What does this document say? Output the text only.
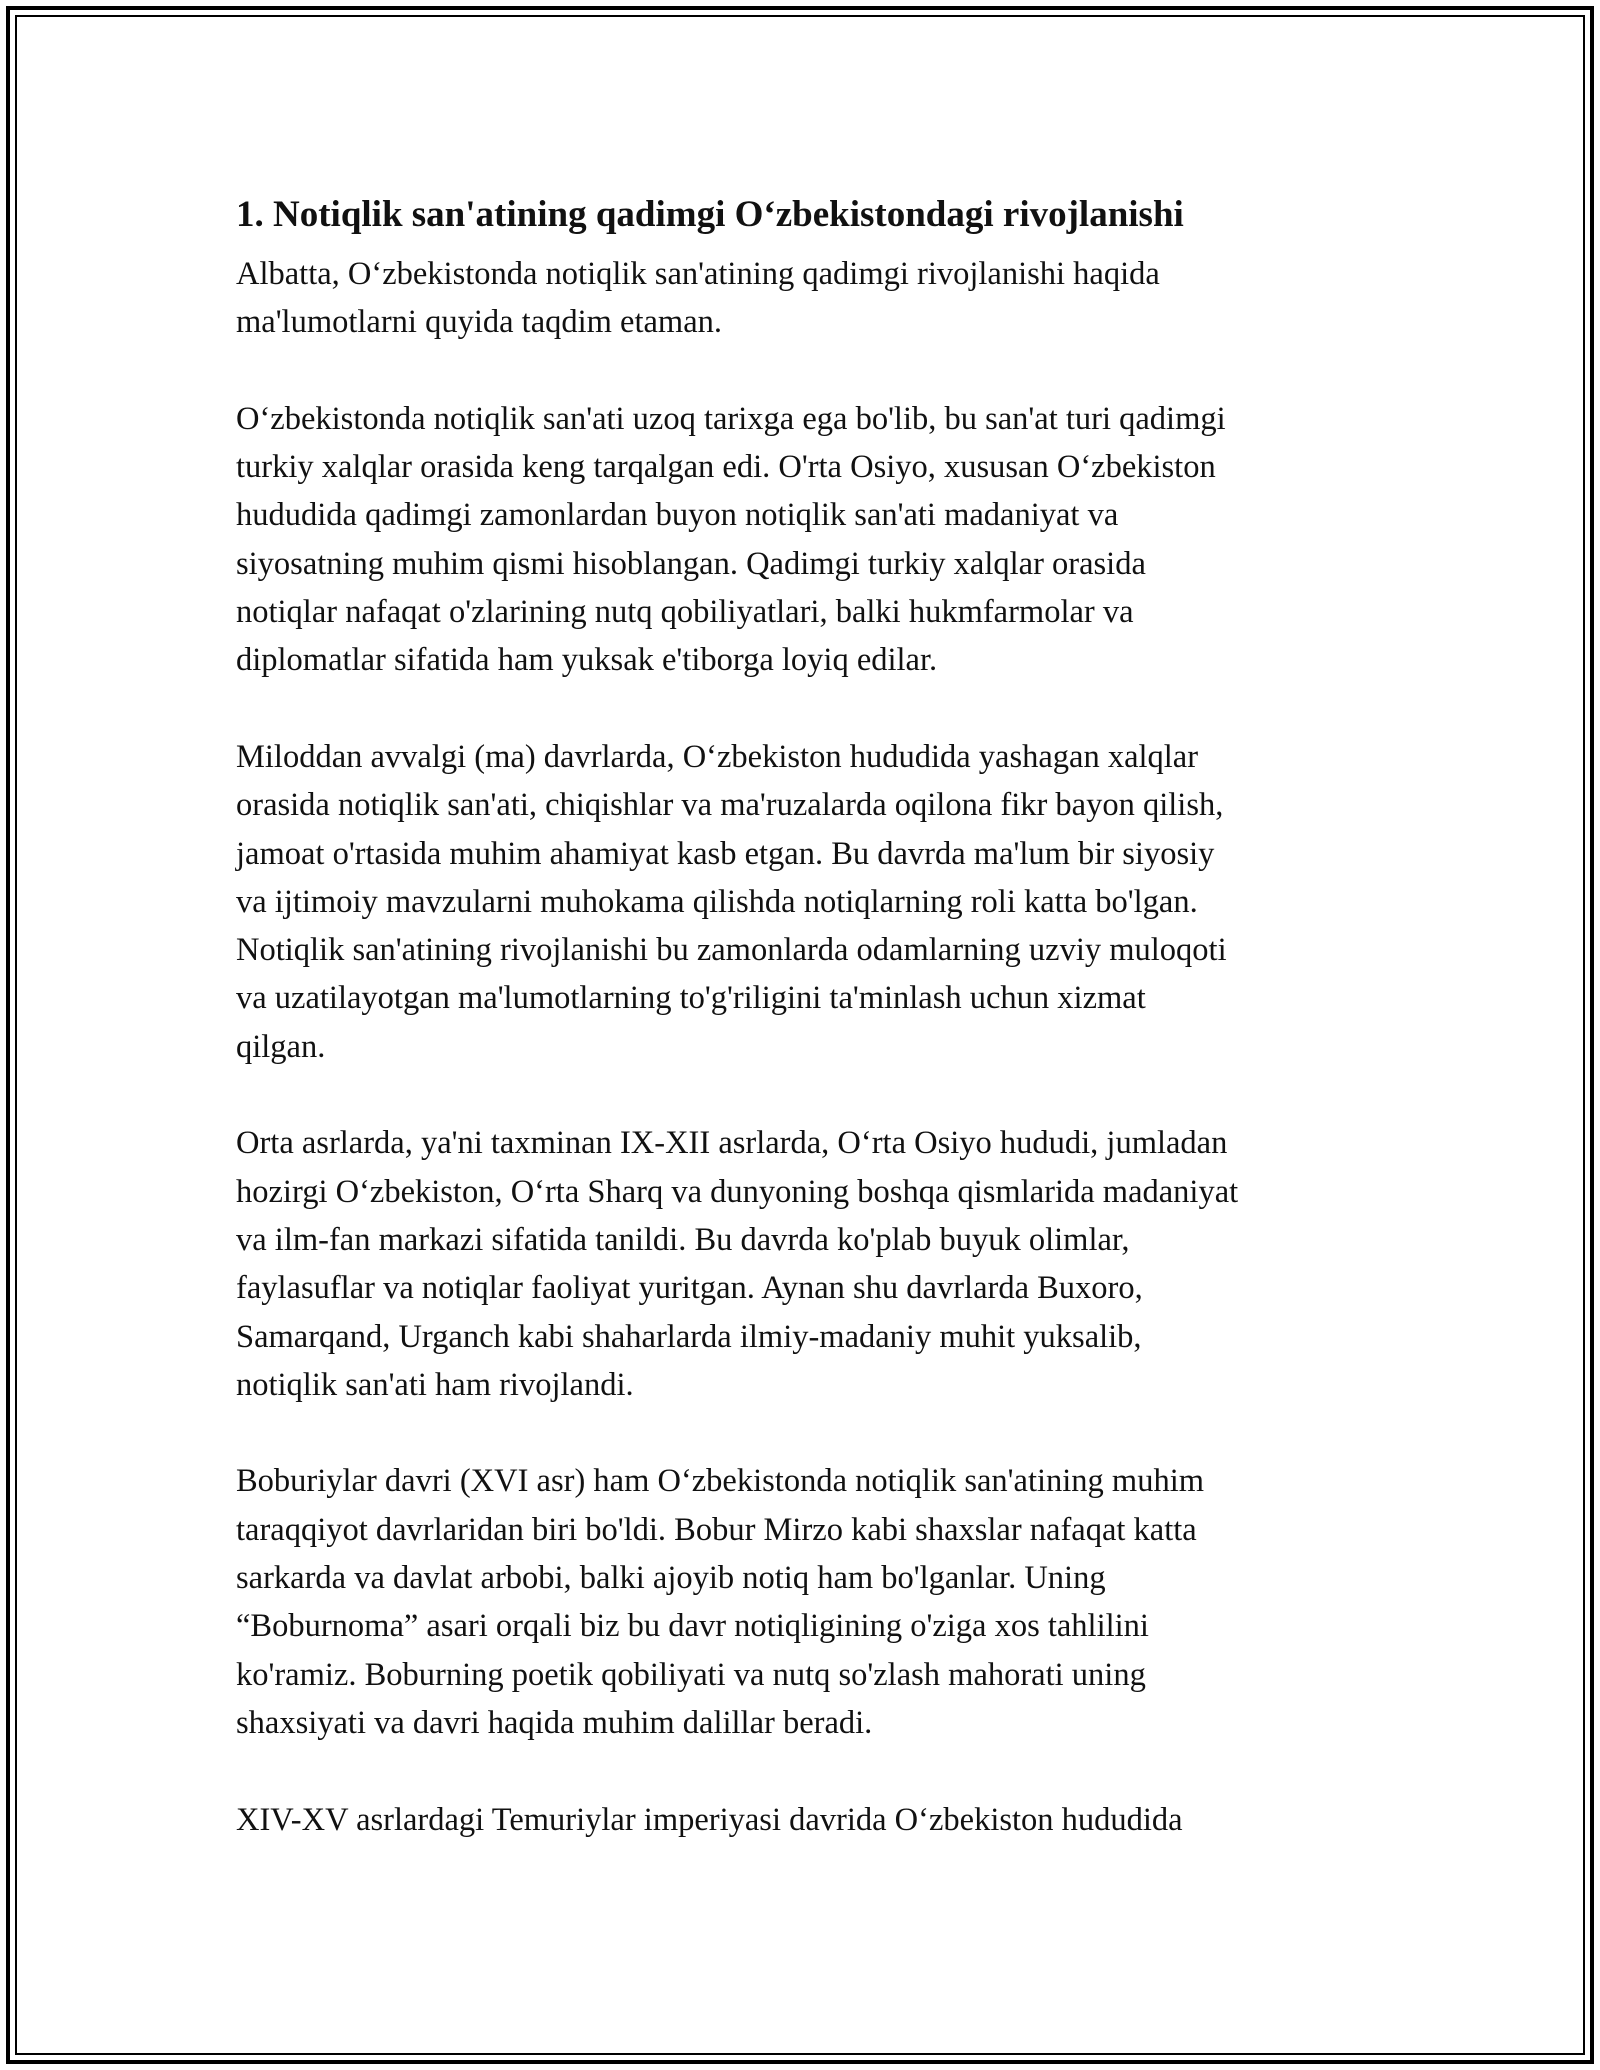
1. Notiqlik san'atining qadimgi O‘zbekistondagi rivojlanishi

Albatta, O‘zbekistonda notiqlik san'atining qadimgi rivojlanishi haqida
ma'lumotlarni quyida taqdim etaman.

O‘zbekistonda notiqlik san'ati uzoq tarixga ega bo'lib, bu san'at turi qadimgi
turkiy xalqlar orasida keng tarqalgan edi. O'rta Osiyo, xususan O‘zbekiston
hududida qadimgi zamonlardan buyon notiqlik san'ati madaniyat va
siyosatning muhim qismi hisoblangan. Qadimgi turkiy xalqlar orasida
notiqlar nafaqat o'zlarining nutq qobiliyatlari, balki hukmfarmolar va
diplomatlar sifatida ham yuksak e'tiborga loyiq edilar.

Miloddan avvalgi (ma) davrlarda, O‘zbekiston hududida yashagan xalqlar
orasida notiqlik san'ati, chiqishlar va ma'ruzalarda oqilona fikr bayon qilish,
jamoat o'rtasida muhim ahamiyat kasb etgan. Bu davrda ma'lum bir siyosiy
va ijtimoiy mavzularni muhokama qilishda notiqlarning roli katta bo'lgan.
Notiqlik san'atining rivojlanishi bu zamonlarda odamlarning uzviy muloqoti
va uzatilayotgan ma'lumotlarning to'g'riligini ta'minlash uchun xizmat
qilgan.

Orta asrlarda, ya'ni taxminan IX-XII asrlarda, O‘rta Osiyo hududi, jumladan
hozirgi O‘zbekiston, O‘rta Sharq va dunyoning boshqa qismlarida madaniyat
va ilm-fan markazi sifatida tanildi. Bu davrda ko'plab buyuk olimlar,
faylasuflar va notiqlar faoliyat yuritgan. Aynan shu davrlarda Buxoro,
Samarqand, Urganch kabi shaharlarda ilmiy-madaniy muhit yuksalib,
notiqlik san'ati ham rivojlandi.

Boburiylar davri (XVI asr) ham O‘zbekistonda notiqlik san'atining muhim
taraqqiyot davrlaridan biri bo'ldi. Bobur Mirzo kabi shaxslar nafaqat katta
sarkarda va davlat arbobi, balki ajoyib notiq ham bo'lganlar. Uning
“Boburnoma” asari orqali biz bu davr notiqligining o'ziga xos tahlilini
ko'ramiz. Boburning poetik qobiliyati va nutq so'zlash mahorati uning
shaxsiyati va davri haqida muhim dalillar beradi.

XIV-XV asrlardagi Temuriylar imperiyasi davrida O‘zbekiston hududida
